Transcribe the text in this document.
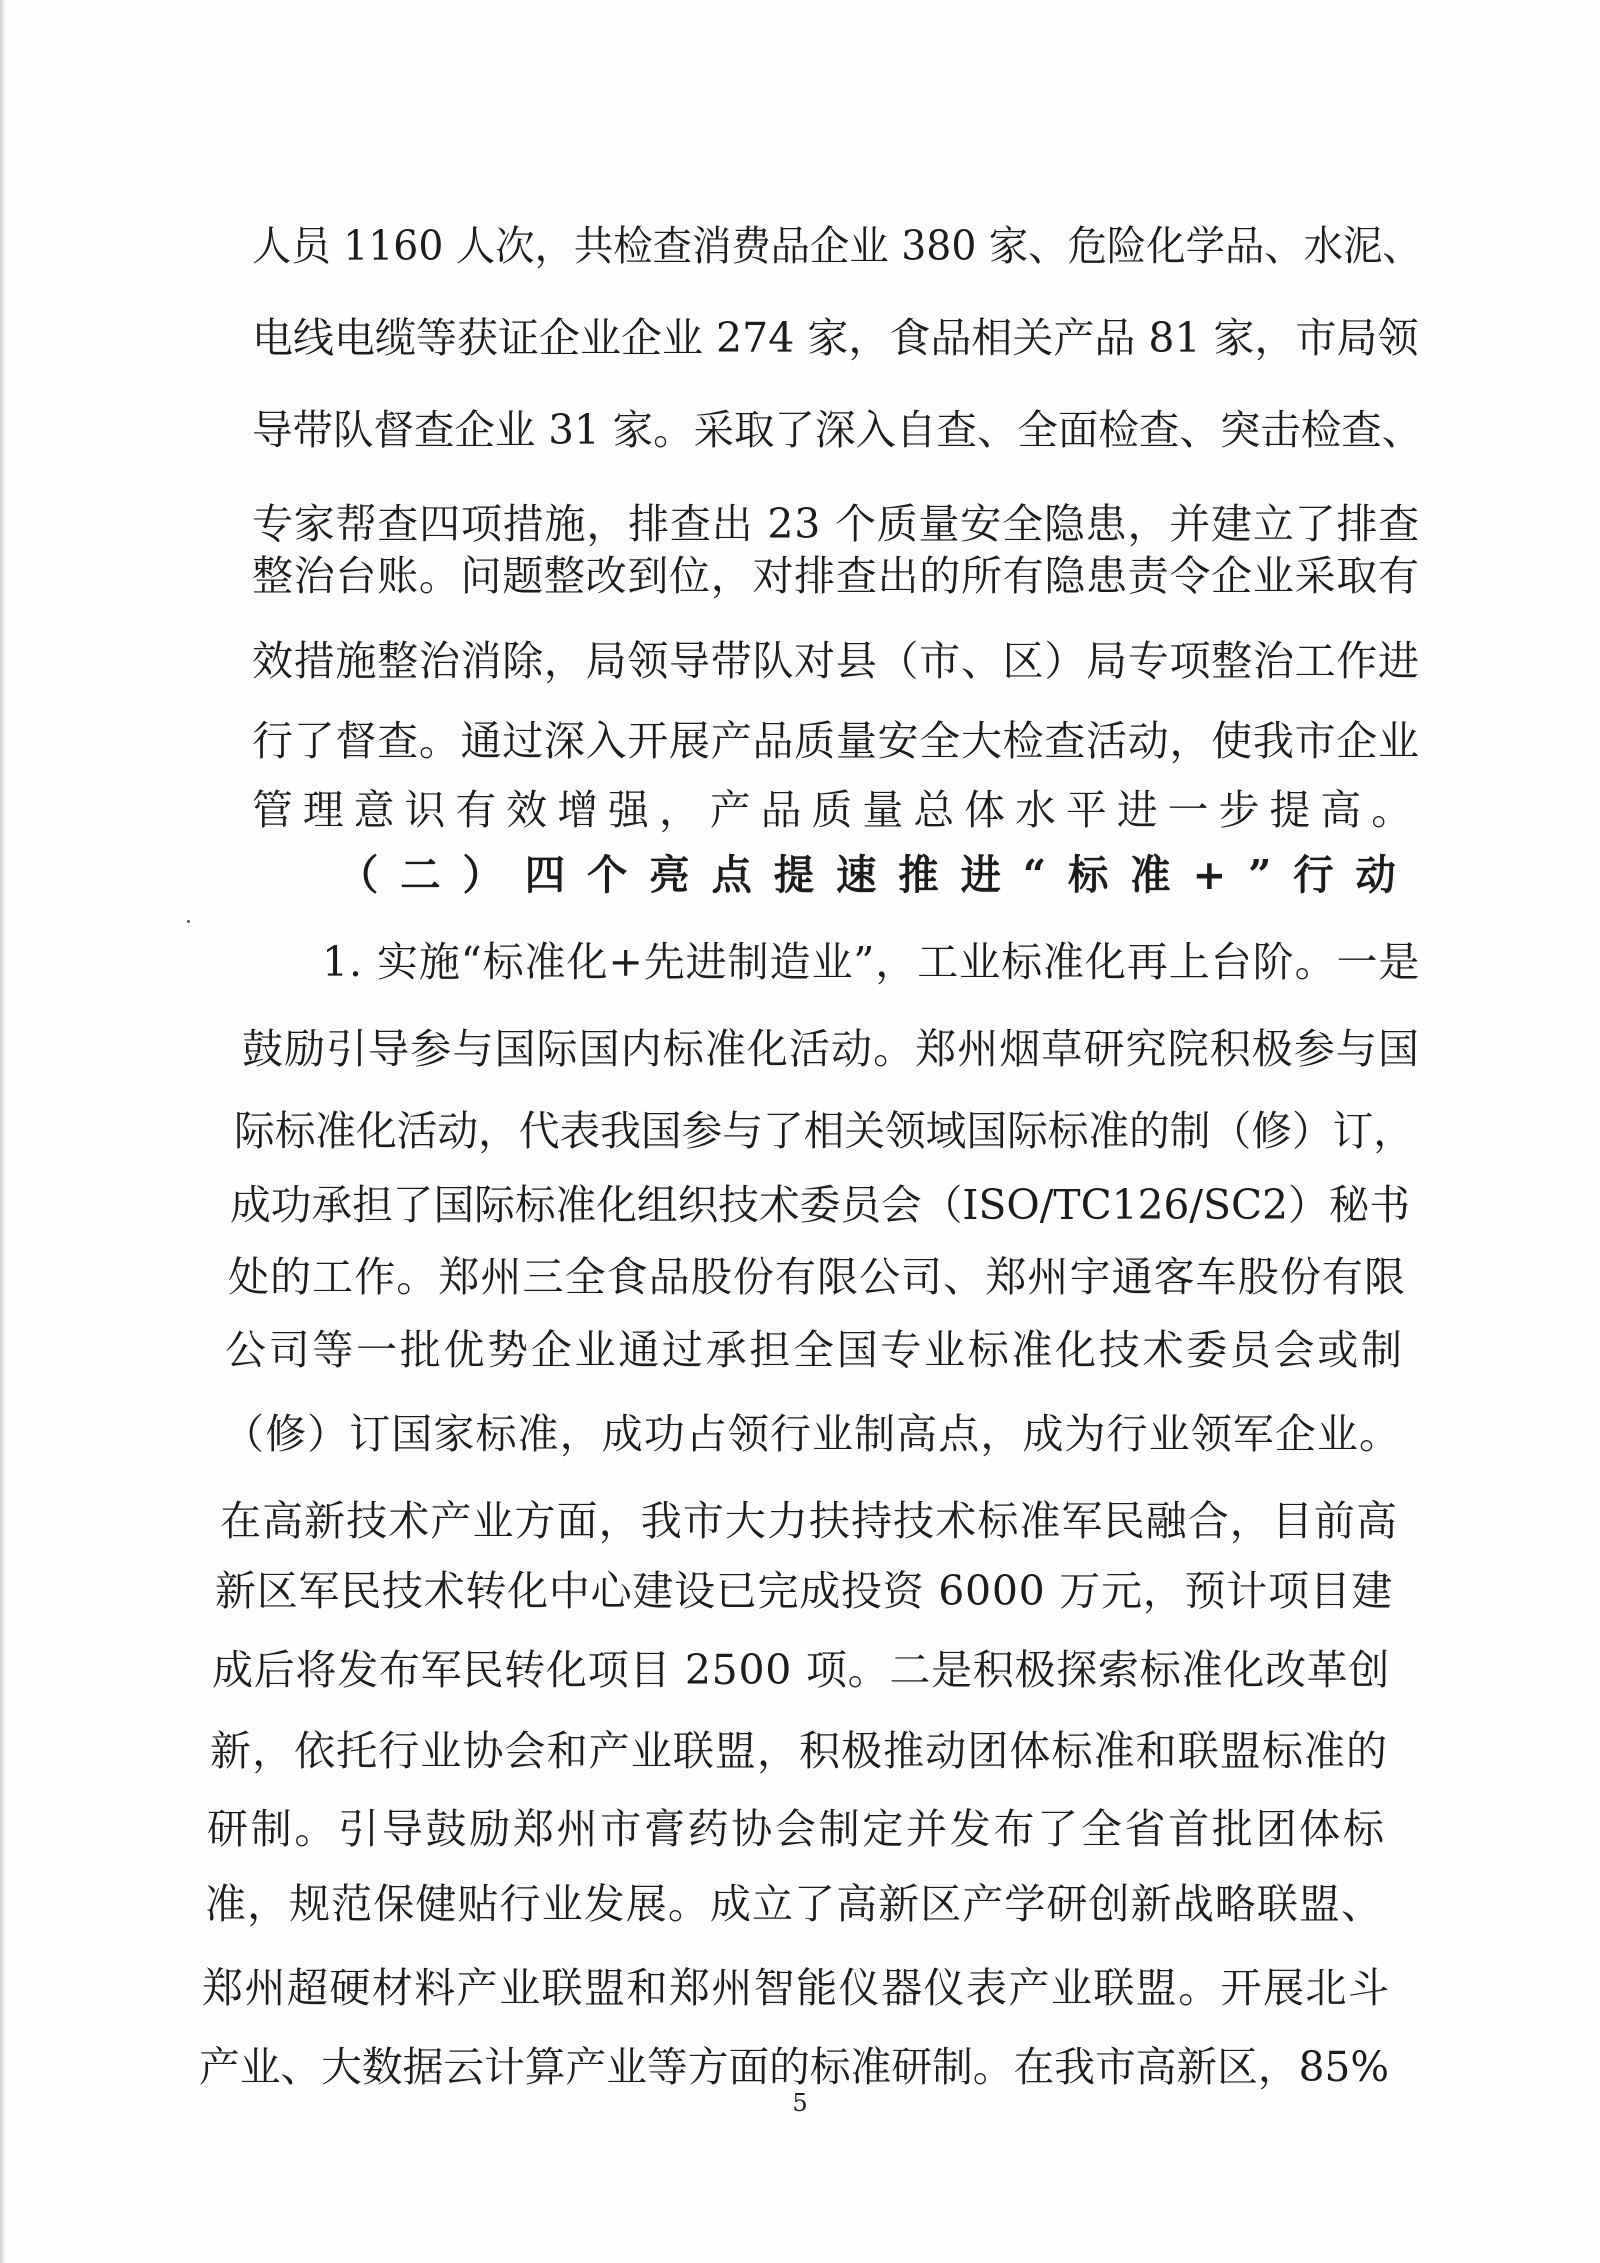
人员 1160 人次，共检查消费品企业 380 家、危险化学品、水泥、
电线电缆等获证企业企业 274 家，食品相关产品 81 家，市局领
导带队督查企业 31 家。采取了深入自查、全面检查、突击检查、
专家帮查四项措施，排查出 23 个质量安全隐患，并建立了排查
整治台账。问题整改到位，对排查出的所有隐患责令企业采取有
效措施整治消除，局领导带队对县（市、区）局专项整治工作进
行了督查。通过深入开展产品质量安全大检查活动，使我市企业
管理意识有效增强，产品质量总体水平进一步提高。
（二）四个亮点提速推进“标准+”行动
1. 实施“标准化+先进制造业”，工业标准化再上台阶。一是
鼓励引导参与国际国内标准化活动。郑州烟草研究院积极参与国
际标准化活动，代表我国参与了相关领域国际标准的制（修）订，
成功承担了国际标准化组织技术委员会（ISO/TC126/SC2）秘书
处的工作。郑州三全食品股份有限公司、郑州宇通客车股份有限
公司等一批优势企业通过承担全国专业标准化技术委员会或制
（修）订国家标准，成功占领行业制高点，成为行业领军企业。
在高新技术产业方面，我市大力扶持技术标准军民融合，目前高
新区军民技术转化中心建设已完成投资 6000 万元，预计项目建
成后将发布军民转化项目 2500 项。二是积极探索标准化改革创
新，依托行业协会和产业联盟，积极推动团体标准和联盟标准的
研制。引导鼓励郑州市膏药协会制定并发布了全省首批团体标
准，规范保健贴行业发展。成立了高新区产学研创新战略联盟、
郑州超硬材料产业联盟和郑州智能仪器仪表产业联盟。开展北斗
产业、大数据云计算产业等方面的标准研制。在我市高新区，85%
5
